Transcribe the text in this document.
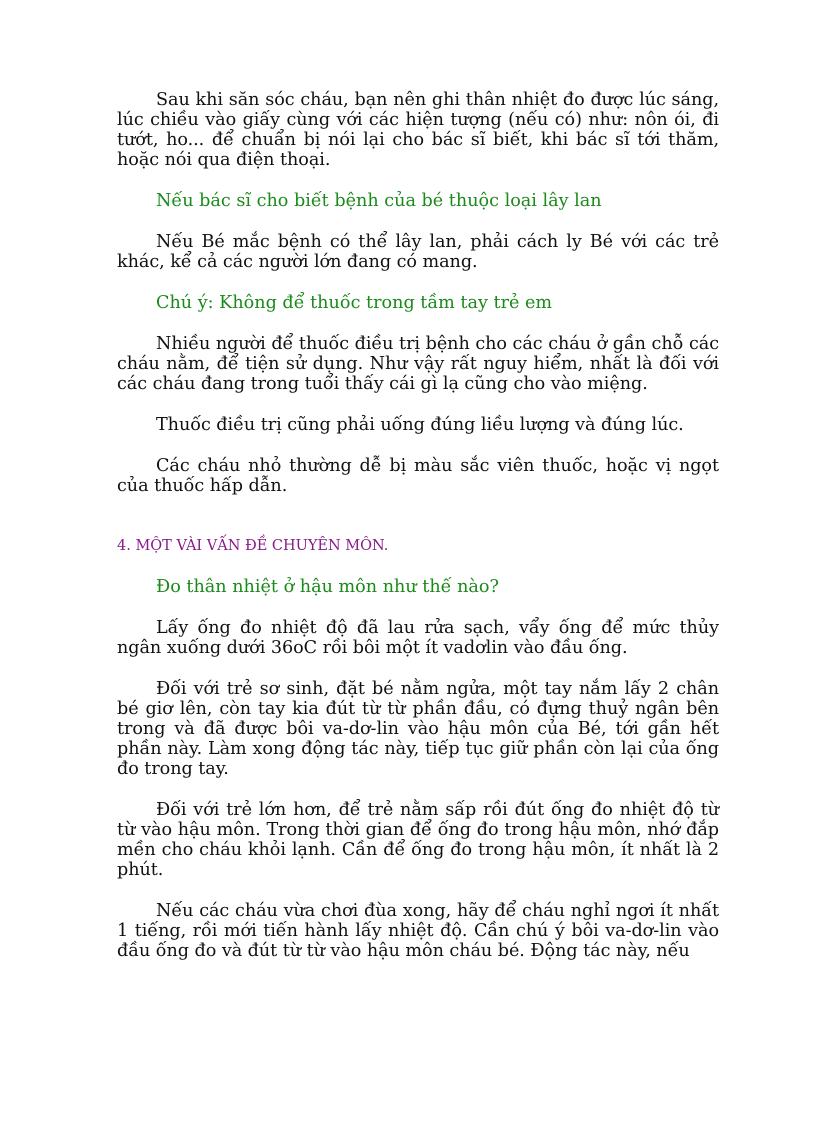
Sau khi săn sóc cháu, bạn nên ghi thân nhiệt đo được lúc sáng, lúc chiều vào giấy cùng với các hiện tượng (nếu có) như: nôn ói, đi tướt, ho... để chuẩn bị nói lại cho bác sĩ biết, khi bác sĩ tới thăm, hoặc nói qua điện thoại.

Nếu bác sĩ cho biết bệnh của bé thuộc loại lây lan

Nếu Bé mắc bệnh có thể lây lan, phải cách ly Bé với các trẻ khác, kể cả các người lớn đang có mang.

Chú ý: Không để thuốc trong tầm tay trẻ em

Nhiều người để thuốc điều trị bệnh cho các cháu ở gần chỗ các cháu nằm, để tiện sử dụng. Như vậy rất nguy hiểm, nhất là đối với các cháu đang trong tuổi thấy cái gì lạ cũng cho vào miệng.

Thuốc điều trị cũng phải uống đúng liều lượng và đúng lúc.

Các cháu nhỏ thường dễ bị màu sắc viên thuốc, hoặc vị ngọt của thuốc hấp dẫn.

4. MỘT VÀI VẤN ĐỀ CHUYÊN MÔN.

Đo thân nhiệt ở hậu môn như thế nào?

Lấy ống đo nhiệt độ đã lau rửa sạch, vẩy ống để mức thủy ngân xuống dưới 36oC rồi bôi một ít vadơlin vào đầu ống.

Đối với trẻ sơ sinh, đặt bé nằm ngửa, một tay nắm lấy 2 chân bé giơ lên, còn tay kia đút từ từ phần đầu, có đựng thuỷ ngân bên trong và đã được bôi va-dơ-lin vào hậu môn của Bé, tới gần hết phần này. Làm xong động tác này, tiếp tục giữ phần còn lại của ống đo trong tay.

Đối với trẻ lớn hơn, để trẻ nằm sấp rồi đút ống đo nhiệt độ từ từ vào hậu môn. Trong thời gian để ống đo trong hậu môn, nhớ đắp mền cho cháu khỏi lạnh. Cần để ống đo trong hậu môn, ít nhất là 2 phút.

Nếu các cháu vừa chơi đùa xong, hãy để cháu nghỉ ngơi ít nhất 1 tiếng, rồi mới tiến hành lấy nhiệt độ. Cần chú ý bôi va-dơ-lin vào đầu ống đo và đút từ từ vào hậu môn cháu bé. Động tác này, nếu
